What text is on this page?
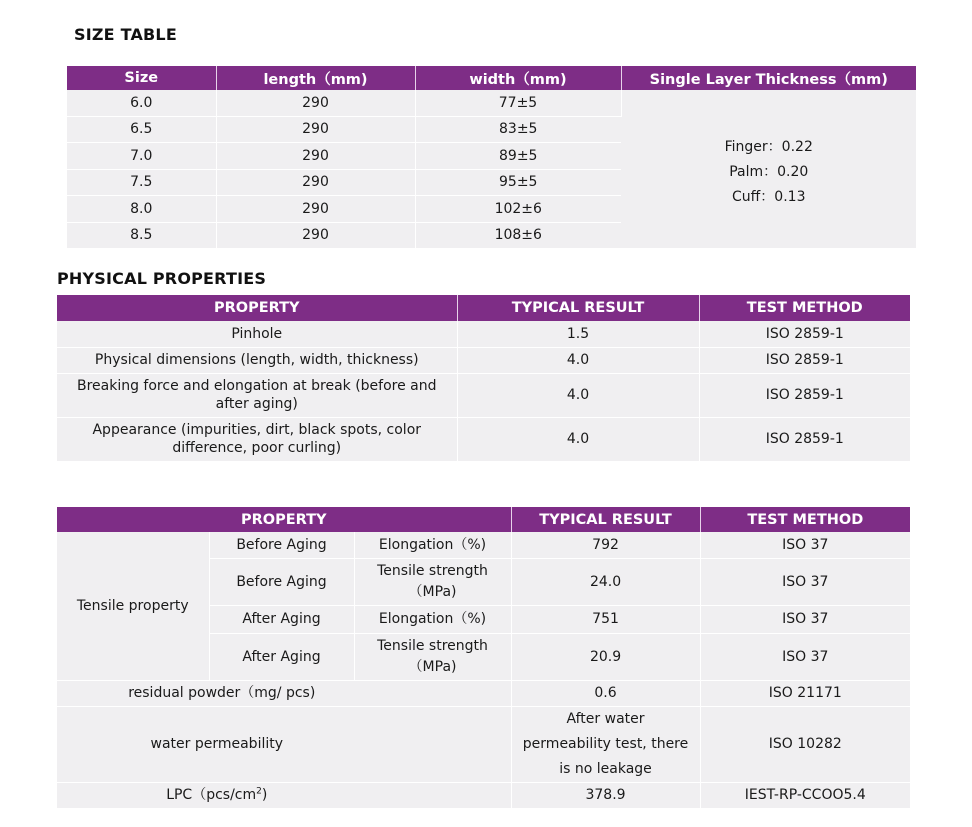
SIZE TABLE
Size	length（mm)	width（mm)	Single Layer Thickness（mm)
6.0	290	77±5	Finger：0.22
Palm：0.20
Cuff：0.13

6.5	290	83±5	
7.0	290	89±5	
7.5	290	95±5	
8.0	290	102±6	
8.5	290	108±6	
PHYSICAL PROPERTIES
PROPERTY	TYPICAL RESULT	TEST METHOD
Pinhole	1.5	ISO 2859-1
Physical dimensions (length, width, thickness)	4.0	ISO 2859-1
Breaking force and elongation at break (before and after aging)	4.0	ISO 2859-1
Appearance (impurities, dirt, black spots, color difference, poor curling)	4.0	ISO 2859-1
PROPERTY			TYPICAL RESULT	TEST METHOD
Tensile property	Before Aging	Elongation（%)	792	ISO 37
	Before Aging	Tensile strength（MPa)	24.0	ISO 37
	After Aging	Elongation（%)	751	ISO 37
	After Aging	Tensile strength（MPa)	20.9	ISO 37
residual powder（mg/ pcs)			0.6	ISO 21171
water permeability			After water
permeability test, there
is no leakage	ISO 10282
$LPC(pcs/cm^2)$			378.9	IEST-RP-CCOO5.4
